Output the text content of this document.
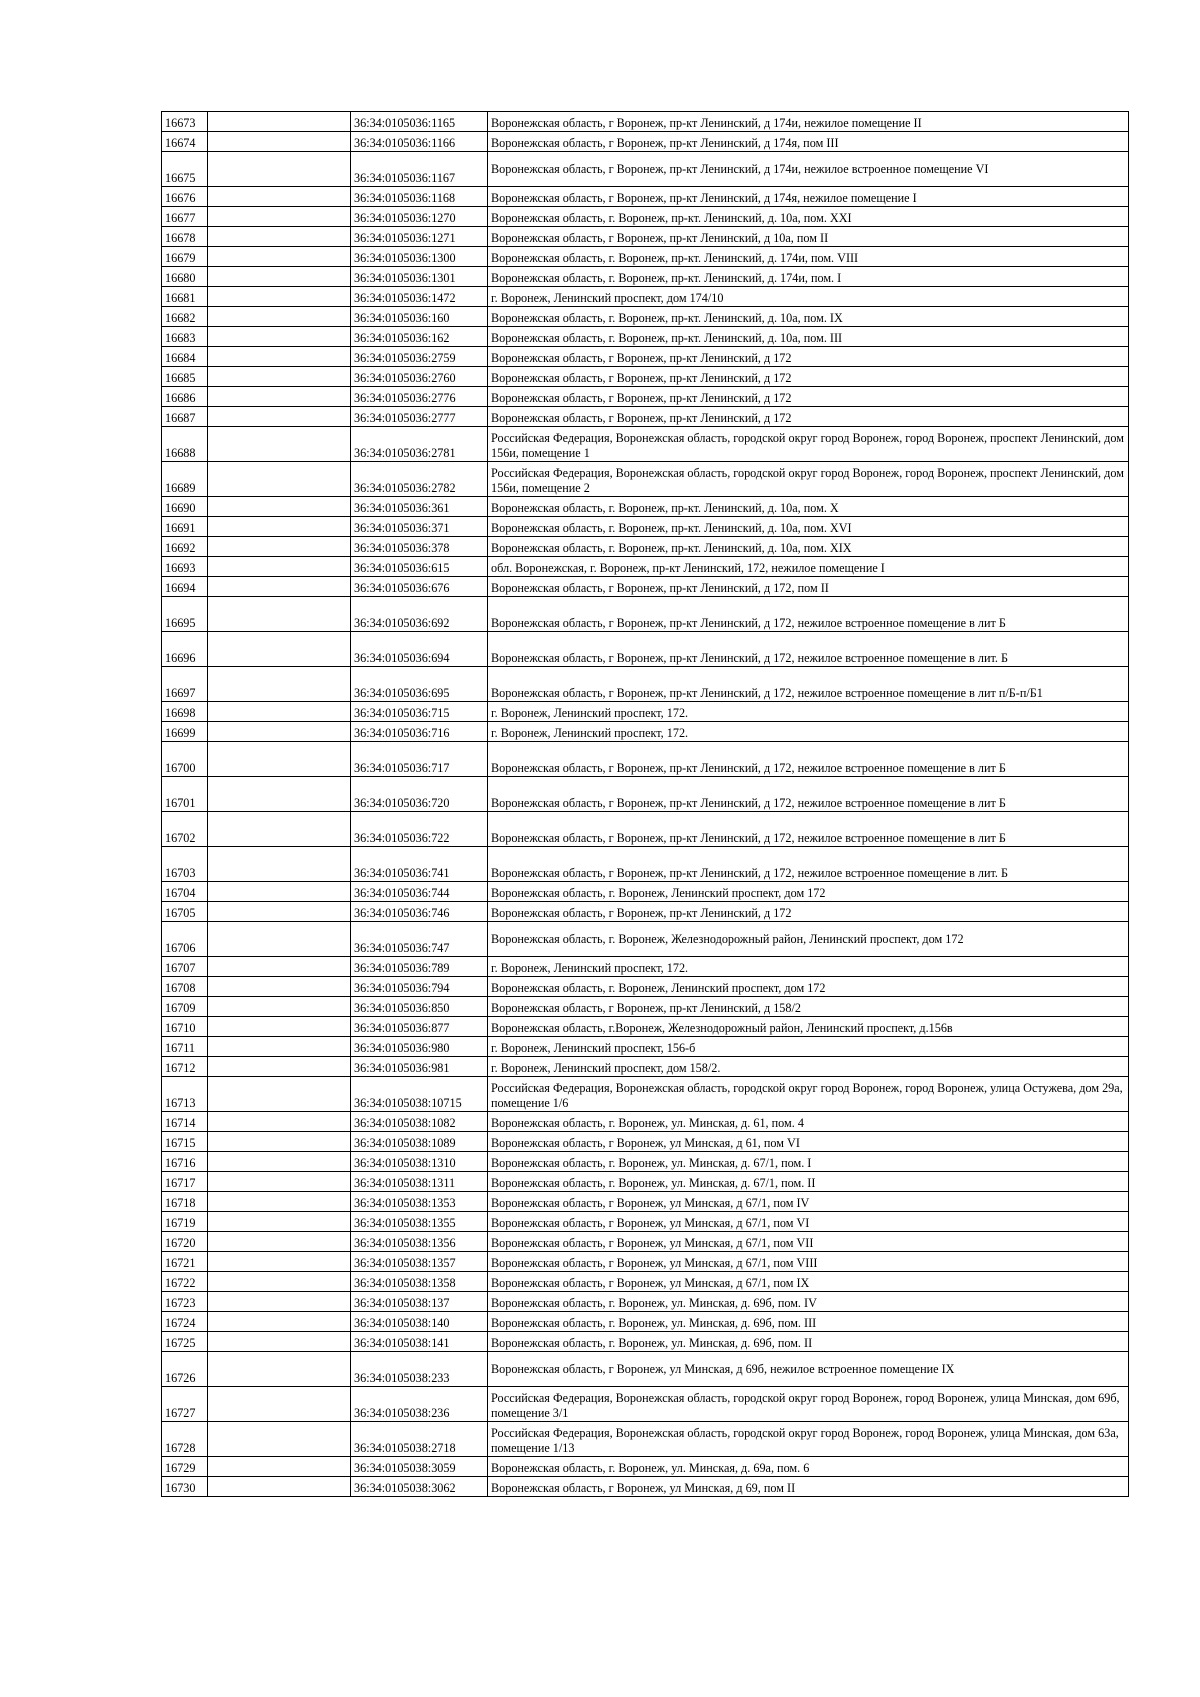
16673		36:34:0105036:1165	Воронежская область, г Воронеж, пр-кт Ленинский, д 174и, нежилое помещение II
16674		36:34:0105036:1166	Воронежская область, г Воронеж, пр-кт Ленинский, д 174я, пом III
16675		36:34:0105036:1167	Воронежская область, г Воронеж, пр-кт Ленинский, д 174и, нежилое встроенное помещение VI
16676		36:34:0105036:1168	Воронежская область, г Воронеж, пр-кт Ленинский, д 174я, нежилое помещение I
16677		36:34:0105036:1270	Воронежская область, г. Воронеж, пр-кт. Ленинский, д. 10а, пом. XXI
16678		36:34:0105036:1271	Воронежская область, г Воронеж, пр-кт Ленинский, д 10а, пом II
16679		36:34:0105036:1300	Воронежская область, г. Воронеж, пр-кт. Ленинский, д. 174и, пом. VIII
16680		36:34:0105036:1301	Воронежская область, г. Воронеж, пр-кт. Ленинский, д. 174и, пом. I
16681		36:34:0105036:1472	г. Воронеж, Ленинский проспект, дом 174/10
16682		36:34:0105036:160	Воронежская область, г. Воронеж, пр-кт. Ленинский, д. 10а, пом. IX
16683		36:34:0105036:162	Воронежская область, г. Воронеж, пр-кт. Ленинский, д. 10а, пом. III
16684		36:34:0105036:2759	Воронежская область, г Воронеж, пр-кт Ленинский, д 172
16685		36:34:0105036:2760	Воронежская область, г Воронеж, пр-кт Ленинский, д 172
16686		36:34:0105036:2776	Воронежская область, г Воронеж, пр-кт Ленинский, д 172
16687		36:34:0105036:2777	Воронежская область, г Воронеж, пр-кт Ленинский, д 172
16688		36:34:0105036:2781	Российская Федерация, Воронежская область, городской округ город Воронеж, город Воронеж, проспект Ленинский, дом 156и, помещение 1
16689		36:34:0105036:2782	Российская Федерация, Воронежская область, городской округ город Воронеж, город Воронеж, проспект Ленинский, дом 156и, помещение 2
16690		36:34:0105036:361	Воронежская область, г. Воронеж, пр-кт. Ленинский, д. 10а, пом. X
16691		36:34:0105036:371	Воронежская область, г. Воронеж, пр-кт. Ленинский, д. 10а, пом. XVI
16692		36:34:0105036:378	Воронежская область, г. Воронеж, пр-кт. Ленинский, д. 10а, пом. XIX
16693		36:34:0105036:615	обл. Воронежская, г. Воронеж, пр-кт Ленинский, 172, нежилое помещение I
16694		36:34:0105036:676	Воронежская область, г Воронеж, пр-кт Ленинский, д 172, пом II
16695		36:34:0105036:692	Воронежская область, г Воронеж, пр-кт Ленинский, д 172, нежилое встроенное помещение в лит Б
16696		36:34:0105036:694	Воронежская область, г Воронеж, пр-кт Ленинский, д 172, нежилое встроенное помещение в лит. Б
16697		36:34:0105036:695	Воронежская область, г Воронеж, пр-кт Ленинский, д 172, нежилое встроенное помещение в лит п/Б-п/Б1
16698		36:34:0105036:715	г. Воронеж, Ленинский проспект, 172.
16699		36:34:0105036:716	г. Воронеж, Ленинский проспект, 172.
16700		36:34:0105036:717	Воронежская область, г Воронеж, пр-кт Ленинский, д 172, нежилое встроенное помещение в лит Б
16701		36:34:0105036:720	Воронежская область, г Воронеж, пр-кт Ленинский, д 172, нежилое встроенное помещение в лит Б
16702		36:34:0105036:722	Воронежская область, г Воронеж, пр-кт Ленинский, д 172, нежилое встроенное помещение в лит Б
16703		36:34:0105036:741	Воронежская область, г Воронеж, пр-кт Ленинский, д 172, нежилое встроенное помещение в лит. Б
16704		36:34:0105036:744	Воронежская область, г. Воронеж, Ленинский проспект, дом 172
16705		36:34:0105036:746	Воронежская область, г Воронеж, пр-кт Ленинский, д 172
16706		36:34:0105036:747	Воронежская область, г. Воронеж, Железнодорожный район, Ленинский проспект, дом 172
16707		36:34:0105036:789	г. Воронеж, Ленинский проспект, 172.
16708		36:34:0105036:794	Воронежская область, г. Воронеж, Ленинский проспект, дом 172
16709		36:34:0105036:850	Воронежская область, г Воронеж, пр-кт Ленинский, д 158/2
16710		36:34:0105036:877	Воронежская область, г.Воронеж, Железнодорожный район, Ленинский проспект, д.156в
16711		36:34:0105036:980	г. Воронеж, Ленинский проспект, 156-б
16712		36:34:0105036:981	г. Воронеж, Ленинский проспект, дом 158/2.
16713		36:34:0105038:10715	Российская Федерация, Воронежская область, городской округ город Воронеж, город Воронеж, улица Остужева, дом 29а, помещение 1/6
16714		36:34:0105038:1082	Воронежская область, г. Воронеж, ул. Минская, д. 61, пом. 4
16715		36:34:0105038:1089	Воронежская область, г Воронеж, ул Минская, д 61, пом VI
16716		36:34:0105038:1310	Воронежская область, г. Воронеж, ул. Минская, д. 67/1, пом. I
16717		36:34:0105038:1311	Воронежская область, г. Воронеж, ул. Минская, д. 67/1, пом. II
16718		36:34:0105038:1353	Воронежская область, г Воронеж, ул Минская, д 67/1, пом IV
16719		36:34:0105038:1355	Воронежская область, г Воронеж, ул Минская, д 67/1, пом VI
16720		36:34:0105038:1356	Воронежская область, г Воронеж, ул Минская, д 67/1, пом VII
16721		36:34:0105038:1357	Воронежская область, г Воронеж, ул Минская, д 67/1, пом VIII
16722		36:34:0105038:1358	Воронежская область, г Воронеж, ул Минская, д 67/1, пом IX
16723		36:34:0105038:137	Воронежская область, г. Воронеж, ул. Минская, д. 69б, пом. IV
16724		36:34:0105038:140	Воронежская область, г. Воронеж, ул. Минская, д. 69б, пом. III
16725		36:34:0105038:141	Воронежская область, г. Воронеж, ул. Минская, д. 69б, пом. II
16726		36:34:0105038:233	Воронежская область, г Воронеж, ул Минская, д 69б, нежилое встроенное помещение IX
16727		36:34:0105038:236	Российская Федерация, Воронежская область, городской округ город Воронеж, город Воронеж, улица Минская, дом 69б, помещение 3/1
16728		36:34:0105038:2718	Российская Федерация, Воронежская область, городской округ город Воронеж, город Воронеж, улица Минская, дом 63а, помещение 1/13
16729		36:34:0105038:3059	Воронежская область, г. Воронеж, ул. Минская, д. 69а, пом. 6
16730		36:34:0105038:3062	Воронежская область, г Воронеж, ул Минская, д 69, пом II
